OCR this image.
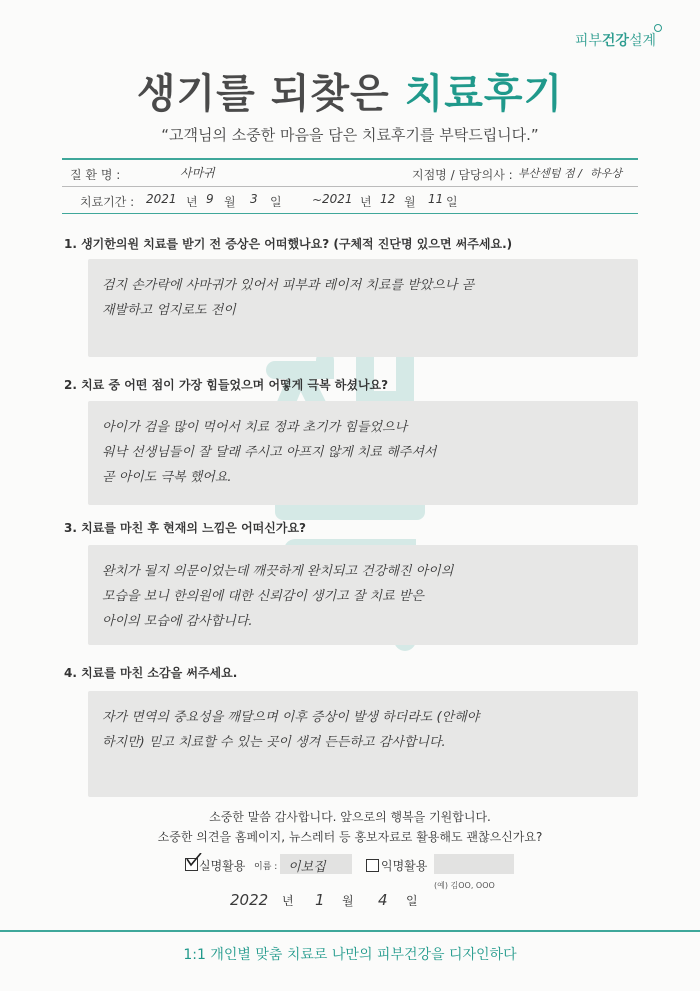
피부건강설계
생기를 되찾은 치료후기
“고객님의 소중한 마음을 담은 치료후기를 부탁드립니다.”
질 환 명 :	사마귀	지점명 / 담당의사 : 부산센텀 점 / 하우상
치료기간 : 2021 년 9 월 3 일	~ 2021 년 12 월 11 일
1. 생기한의원 치료를 받기 전 증상은 어떠했나요? (구체적 진단명 있으면 써주세요.)
검지 손가락에 사마귀가 있어서 피부과 레이저 치료를 받았으나 곧
재발하고 엄지로도 전이
2. 치료 중 어떤 점이 가장 힘들었으며 어떻게 극복 하셨나요?
아이가 검을 많이 먹어서 치료 정과 초기가 힘들었으나
워낙 선생님들이 잘 달래 주시고 아프지 않게 치료 해주셔서
곧 아이도 극복 했어요.
3. 치료를 마친 후 현재의 느낌은 어떠신가요?
완치가 될지 의문이었는데 깨끗하게 완치되고 건강해진 아이의
모습을 보니 한의원에 대한 신뢰감이 생기고 잘 치료 받은
아이의 모습에 감사합니다.
4. 치료를 마친 소감을 써주세요.
자가 면역의 중요성을 깨달으며 이후 증상이 발생 하더라도 (안해야
하지만) 믿고 치료할 수 있는 곳이 생겨 든든하고 감사합니다.
소중한 말씀 감사합니다. 앞으로의 행복을 기원합니다.
소중한 의견을 홈페이지, 뉴스레터 등 홍보자료로 활용해도 괜찮으신가요?
실명활용 이름 : 이보집	익명활용
(예) 김OO, OOO
2022 년 1 월 4 일
1:1 개인별 맞춤 치료로 나만의 피부건강을 디자인하다
